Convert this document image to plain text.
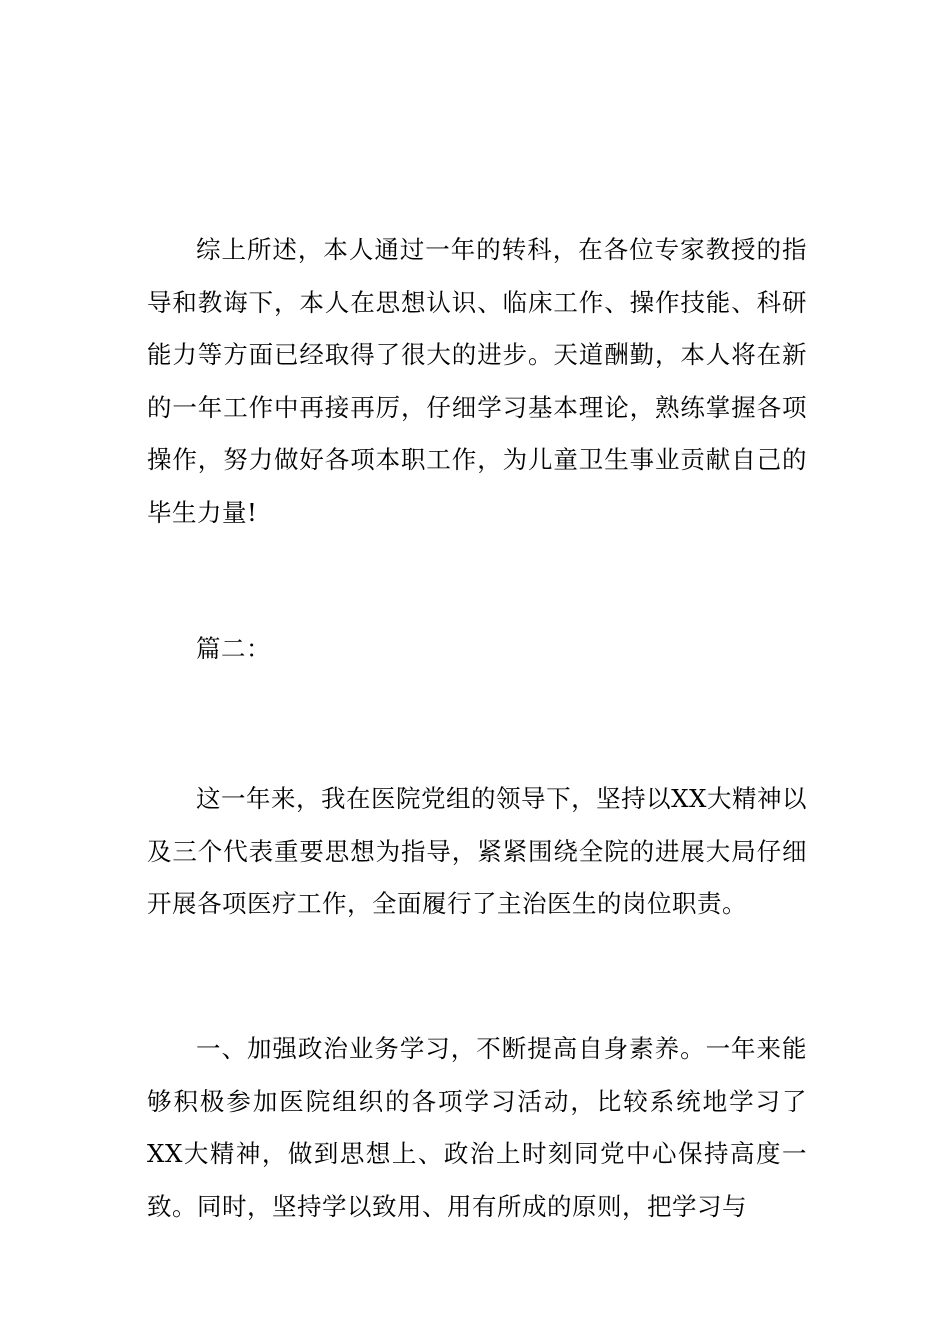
综上所述，本人通过一年的转科，在各位专家教授的指导和教诲下，本人在思想认识、临床工作、操作技能、科研能力等方面已经取得了很大的进步。天道酬勤，本人将在新的一年工作中再接再厉，仔细学习基本理论，熟练掌握各项操作，努力做好各项本职工作，为儿童卫生事业贡献自己的毕生力量!

篇二：

这一年来，我在医院党组的领导下，坚持以XX大精神以及三个代表重要思想为指导，紧紧围绕全院的进展大局仔细开展各项医疗工作，全面履行了主治医生的岗位职责。

一、加强政治业务学习，不断提高自身素养。一年来能够积极参加医院组织的各项学习活动，比较系统地学习了XX大精神，做到思想上、政治上时刻同党中心保持高度一致。同时，坚持学以致用、用有所成的原则，把学习与
